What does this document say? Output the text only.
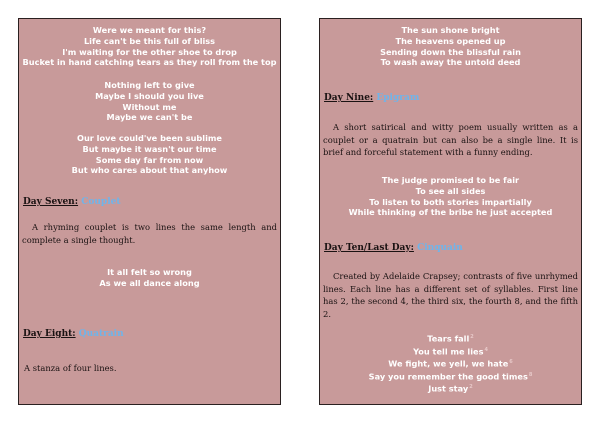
Were we meant for this?
Life can't be this full of bliss
I'm waiting for the other shoe to drop
Bucket in hand catching tears as they roll from the top
Nothing left to give
Maybe I should you live
Without me
Maybe we can't be
Our love could've been sublime
But maybe it wasn't our time
Some day far from now
But who cares about that anyhow
Day Seven: Couplet
A rhyming couplet is two lines the same length and complete a single thought.
It all felt so wrong
As we all dance along
Day Eight: Quatrain
A stanza of four lines.
The sun shone bright
The heavens opened up
Sending down the blissful rain
To wash away the untold deed
Day Nine: Epigram
A short satirical and witty poem usually written as a couplet or a quatrain but can also be a single line. It is brief and forceful statement with a funny ending.
The judge promised to be fair
To see all sides
To listen to both stories impartially
While thinking of the bribe he just accepted
Day Ten/Last Day: Cinquain
Created by Adelaide Crapsey; contrasts of five unrhymed lines. Each line has a different set of syllables. First line has 2, the second 4, the third six, the fourth 8, and the fifth 2.
Tears fall$^2$
You tell me lies$^4$
We fight, we yell, we hate$^6$
Say you remember the good times$^8$
Just stay$^2$
